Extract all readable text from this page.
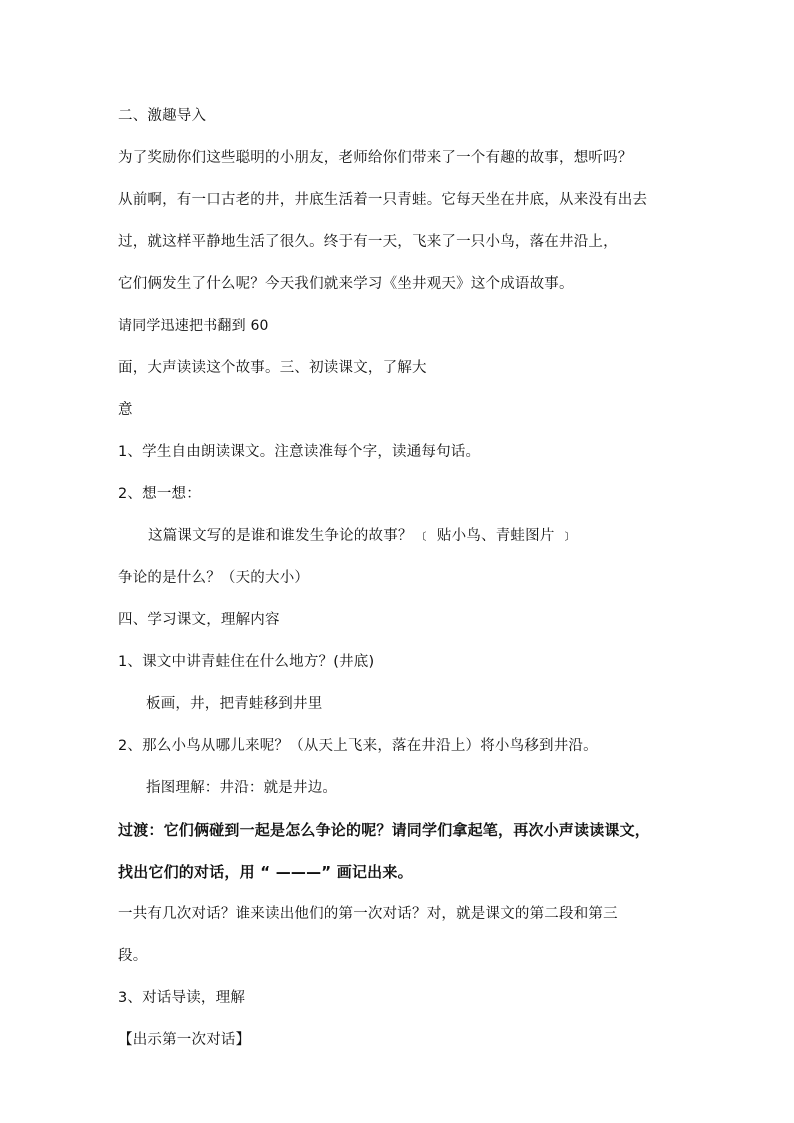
二、激趣导入
为了奖励你们这些聪明的小朋友，老师给你们带来了一个有趣的故事，想听吗？
从前啊，有一口古老的井，井底生活着一只青蛙。它每天坐在井底，从来没有出去
过，就这样平静地生活了很久。终于有一天，飞来了一只小鸟，落在井沿上，
它们俩发生了什么呢？今天我们就来学习《坐井观天》这个成语故事。
请同学迅速把书翻到 60
面，大声读读这个故事。三、初读课文，了解大
意
1、学生自由朗读课文。注意读准每个字，读通每句话。
2、想一想：
这篇课文写的是谁和谁发生争论的故事？ ﹝ 贴小鸟、青蛙图片 ﹞
争论的是什么？（天的大小）
四、学习课文，理解内容
1、课文中讲青蛙住在什么地方？(井底)
板画，井，把青蛙移到井里
2、那么小鸟从哪儿来呢？（从天上飞来，落在井沿上）将小鸟移到井沿。
指图理解：井沿：就是井边。
过渡：它们俩碰到一起是怎么争论的呢？请同学们拿起笔，再次小声读读课文，
找出它们的对话，用 “ ———” 画记出来。
一共有几次对话？谁来读出他们的第一次对话？对，就是课文的第二段和第三
段。
3、对话导读，理解
【出示第一次对话】
